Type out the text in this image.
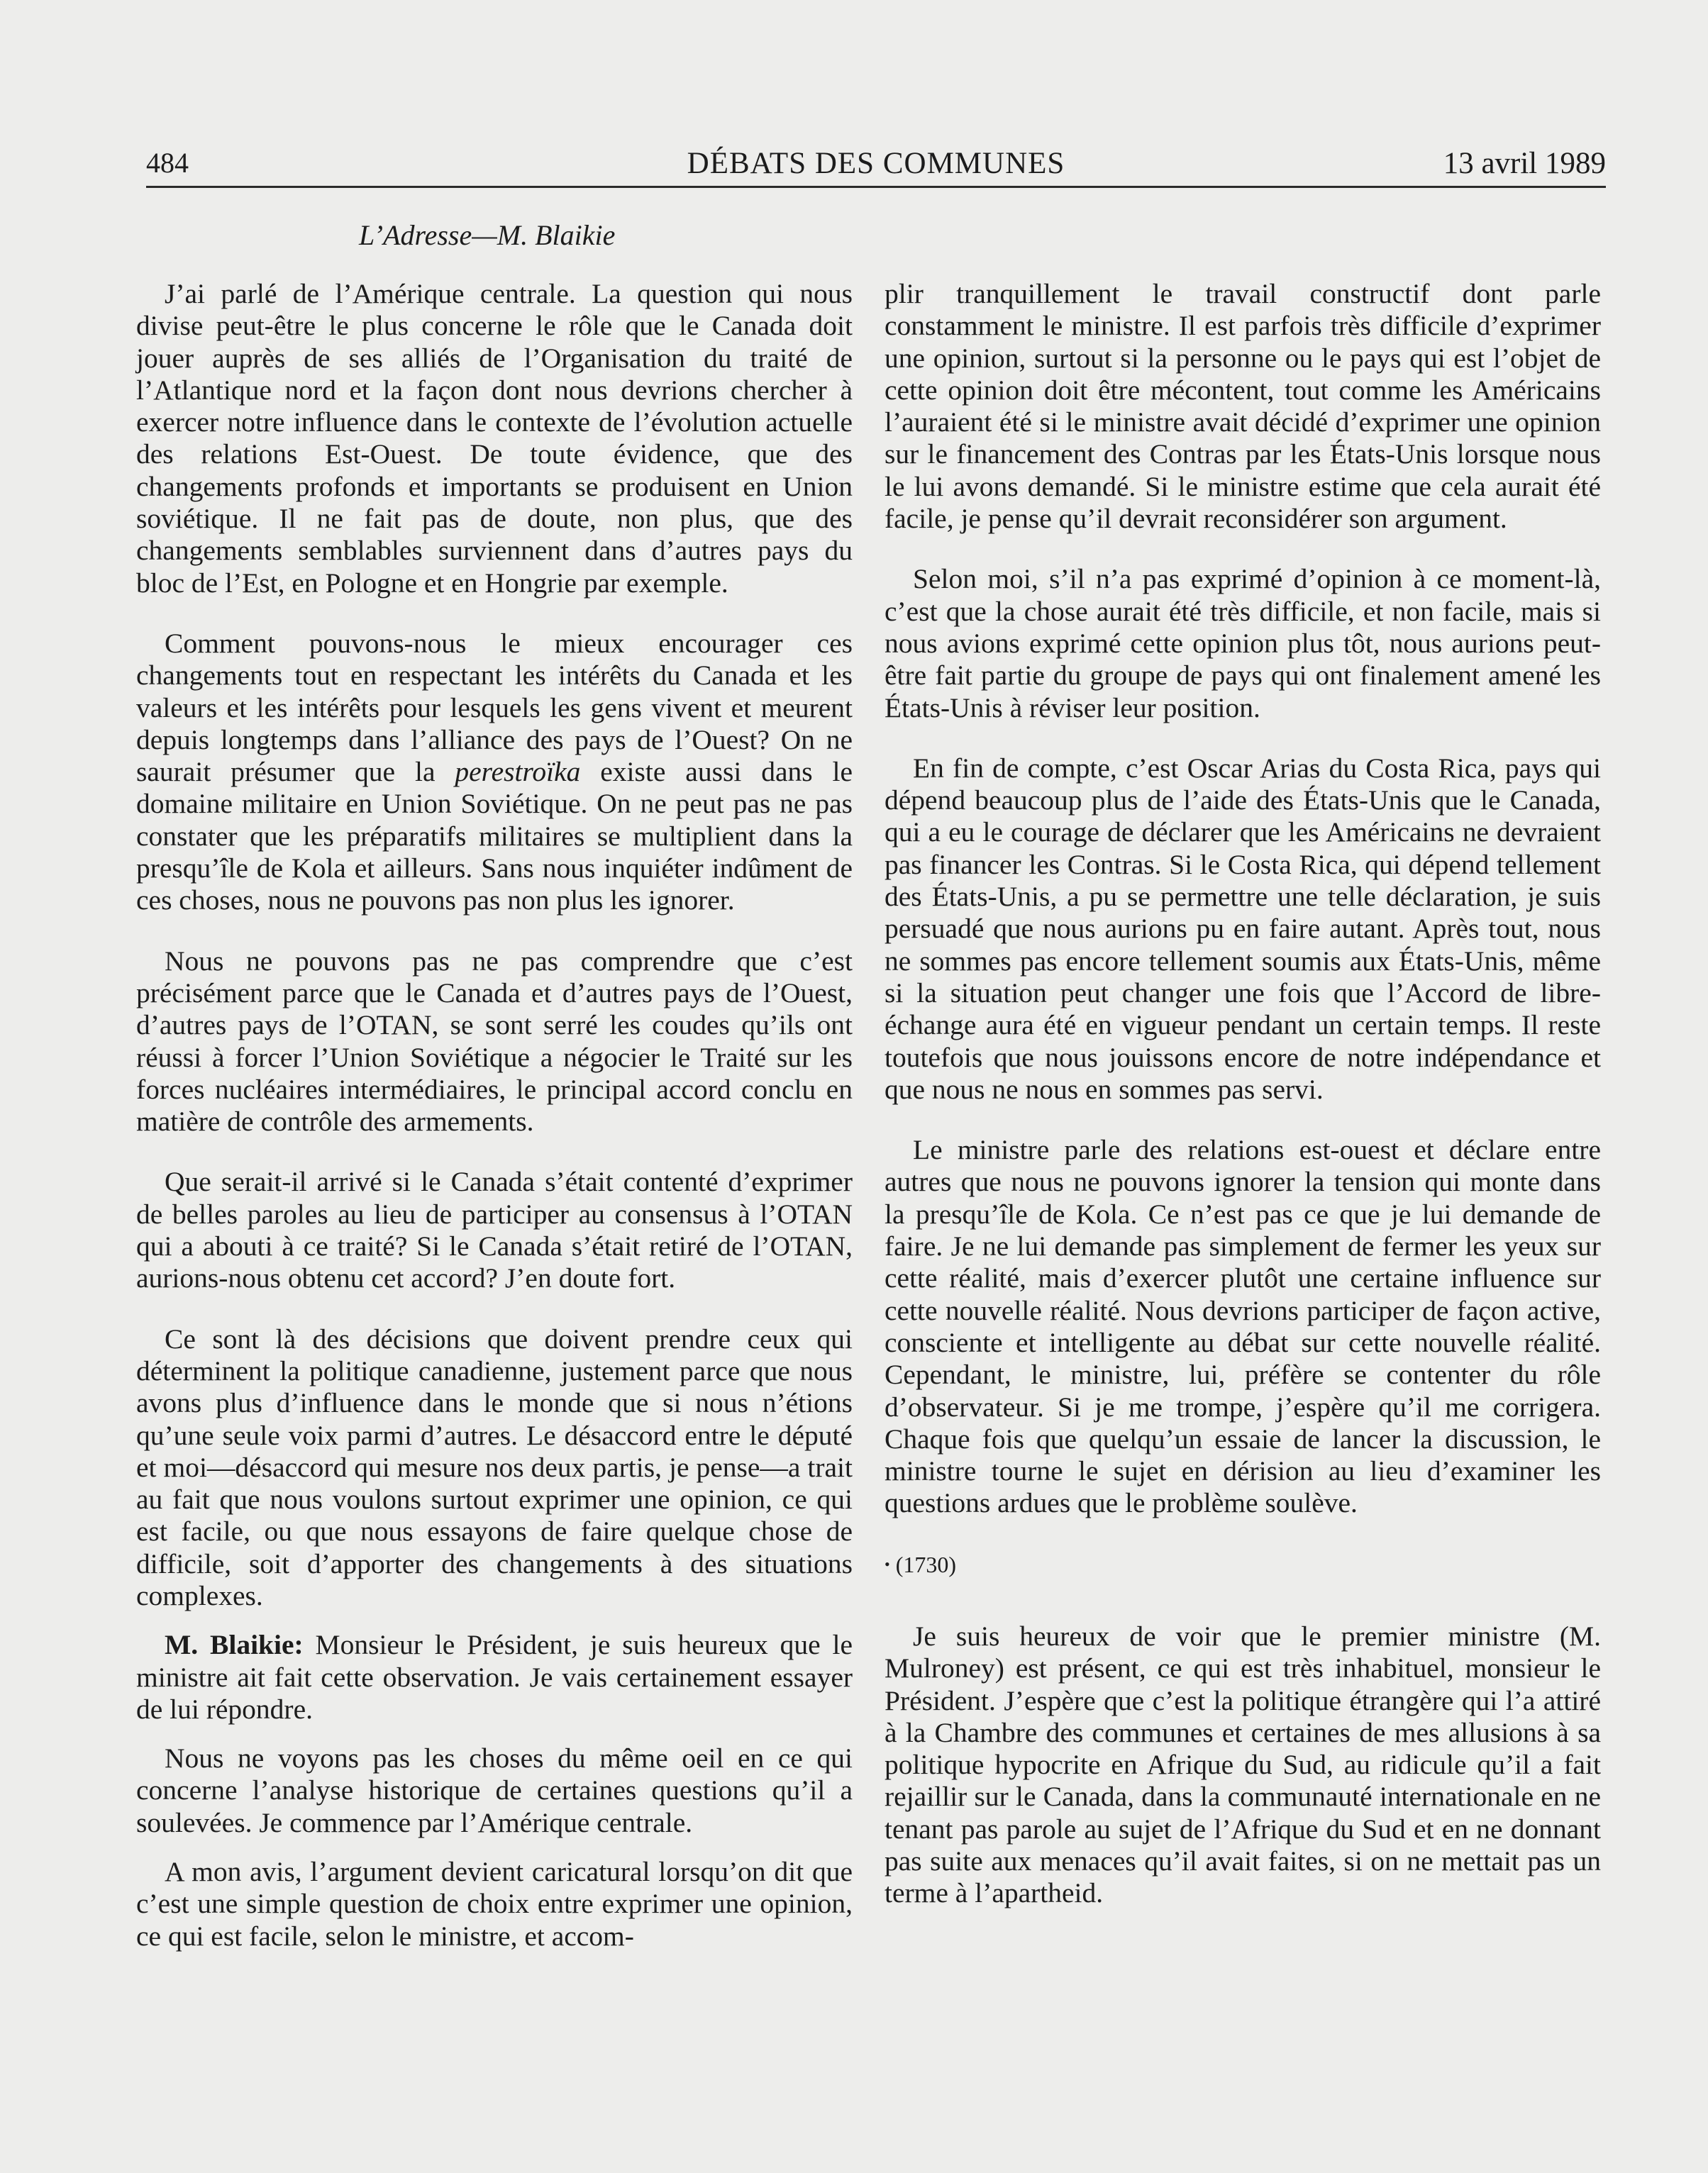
484	DÉBATS DES COMMUNES	13 avril 1989
L’Adresse—M. Blaikie

J’ai parlé de l’Amérique centrale. La question qui nous divise peut-être le plus concerne le rôle que le Canada doit jouer auprès de ses alliés de l’Organisation du traité de l’Atlantique nord et la façon dont nous devrions chercher à exercer notre influence dans le contexte de l’évolution actuelle des relations Est-Ouest. De toute évidence, que des changements profonds et importants se produisent en Union soviétique. Il ne fait pas de doute, non plus, que des changements semblables surviennent dans d’autres pays du bloc de l’Est, en Pologne et en Hongrie par exemple.

Comment pouvons-nous le mieux encourager ces changements tout en respectant les intérêts du Canada et les valeurs et les intérêts pour lesquels les gens vivent et meurent depuis longtemps dans l’alliance des pays de l’Ouest? On ne saurait présumer que la perestroïka existe aussi dans le domaine militaire en Union Soviétique. On ne peut pas ne pas constater que les préparatifs militaires se multiplient dans la presqu’île de Kola et ailleurs. Sans nous inquiéter indûment de ces choses, nous ne pouvons pas non plus les ignorer.

Nous ne pouvons pas ne pas comprendre que c’est précisément parce que le Canada et d’autres pays de l’Ouest, d’autres pays de l’OTAN, se sont serré les coudes qu’ils ont réussi à forcer l’Union Soviétique a négocier le Traité sur les forces nucléaires intermédiaires, le principal accord conclu en matière de contrôle des armements.

Que serait-il arrivé si le Canada s’était contenté d’exprimer de belles paroles au lieu de participer au consensus à l’OTAN qui a abouti à ce traité? Si le Canada s’était retiré de l’OTAN, aurions-nous obtenu cet accord? J’en doute fort.

Ce sont là des décisions que doivent prendre ceux qui déterminent la politique canadienne, justement parce que nous avons plus d’influence dans le monde que si nous n’étions qu’une seule voix parmi d’autres. Le désaccord entre le député et moi—désaccord qui mesure nos deux partis, je pense—a trait au fait que nous voulons surtout exprimer une opinion, ce qui est facile, ou que nous essayons de faire quelque chose de difficile, soit d’apporter des changements à des situations complexes.

M. Blaikie: Monsieur le Président, je suis heureux que le ministre ait fait cette observation. Je vais certainement essayer de lui répondre.

Nous ne voyons pas les choses du même oeil en ce qui concerne l’analyse historique de certaines questions qu’il a soulevées. Je commence par l’Amérique centrale.

A mon avis, l’argument devient caricatural lorsqu’on dit que c’est une simple question de choix entre exprimer une opinion, ce qui est facile, selon le ministre, et accom-

plir tranquillement le travail constructif dont parle constamment le ministre. Il est parfois très difficile d’exprimer une opinion, surtout si la personne ou le pays qui est l’objet de cette opinion doit être mécontent, tout comme les Américains l’auraient été si le ministre avait décidé d’exprimer une opinion sur le financement des Contras par les États-Unis lorsque nous le lui avons demandé. Si le ministre estime que cela aurait été facile, je pense qu’il devrait reconsidérer son argument.

Selon moi, s’il n’a pas exprimé d’opinion à ce moment-là, c’est que la chose aurait été très difficile, et non facile, mais si nous avions exprimé cette opinion plus tôt, nous aurions peut-être fait partie du groupe de pays qui ont finalement amené les États-Unis à réviser leur position.

En fin de compte, c’est Oscar Arias du Costa Rica, pays qui dépend beaucoup plus de l’aide des États-Unis que le Canada, qui a eu le courage de déclarer que les Américains ne devraient pas financer les Contras. Si le Costa Rica, qui dépend tellement des États-Unis, a pu se permettre une telle déclaration, je suis persuadé que nous aurions pu en faire autant. Après tout, nous ne sommes pas encore tellement soumis aux États-Unis, même si la situation peut changer une fois que l’Accord de libre-échange aura été en vigueur pendant un certain temps. Il reste toutefois que nous jouissons encore de notre indépendance et que nous ne nous en sommes pas servi.

Le ministre parle des relations est-ouest et déclare entre autres que nous ne pouvons ignorer la tension qui monte dans la presqu’île de Kola. Ce n’est pas ce que je lui demande de faire. Je ne lui demande pas simplement de fermer les yeux sur cette réalité, mais d’exercer plutôt une certaine influence sur cette nouvelle réalité. Nous devrions participer de façon active, consciente et intelligente au débat sur cette nouvelle réalité. Cependant, le ministre, lui, préfère se contenter du rôle d’observateur. Si je me trompe, j’espère qu’il me corrigera. Chaque fois que quelqu’un essaie de lancer la discussion, le ministre tourne le sujet en dérision au lieu d’examiner les questions ardues que le problème soulève.

• (1730)

Je suis heureux de voir que le premier ministre (M. Mulroney) est présent, ce qui est très inhabituel, monsieur le Président. J’espère que c’est la politique étrangère qui l’a attiré à la Chambre des communes et certaines de mes allusions à sa politique hypocrite en Afrique du Sud, au ridicule qu’il a fait rejaillir sur le Canada, dans la communauté internationale en ne tenant pas parole au sujet de l’Afrique du Sud et en ne donnant pas suite aux menaces qu’il avait faites, si on ne mettait pas un terme à l’apartheid.
